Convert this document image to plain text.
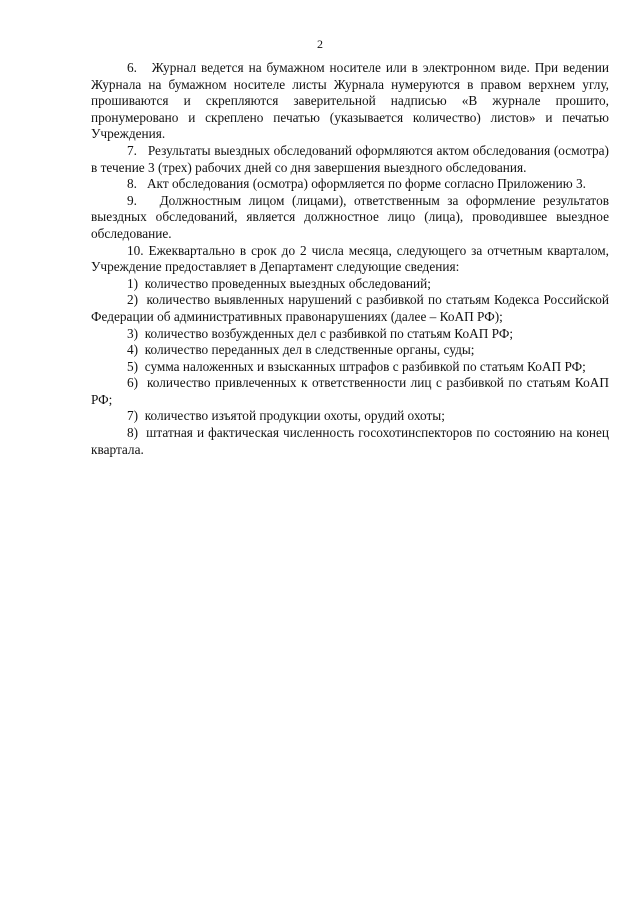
2

6.   Журнал ведется на бумажном носителе или в электронном виде. При ведении Журнала на бумажном носителе листы Журнала нумеруются в правом верхнем углу, прошиваются и скрепляются заверительной надписью «В журнале прошито, пронумеровано и скреплено печатью (указывается количество) листов» и печатью Учреждения.

7.   Результаты выездных обследований оформляются актом обследования (осмотра) в течение 3 (трех) рабочих дней со дня завершения выездного обследования.

8.   Акт обследования (осмотра) оформляется по форме согласно Приложению 3.

9.   Должностным лицом (лицами), ответственным за оформление результатов выездных обследований, является должностное лицо (лица), проводившее выездное обследование.

10. Ежеквартально в срок до 2 числа месяца, следующего за отчетным кварталом, Учреждение предоставляет в Департамент следующие сведения:

1)  количество проведенных выездных обследований;

2)  количество выявленных нарушений с разбивкой по статьям Кодекса Российской Федерации об административных правонарушениях (далее – КоАП РФ);

3)  количество возбужденных дел с разбивкой по статьям КоАП РФ;

4)  количество переданных дел в следственные органы, суды;

5)  сумма наложенных и взысканных штрафов с разбивкой по статьям КоАП РФ;

6)  количество привлеченных к ответственности лиц с разбивкой по статьям КоАП РФ;

7)  количество изъятой продукции охоты, орудий охоты;

8)  штатная и фактическая численность госохотинспекторов по состоянию на конец квартала.
